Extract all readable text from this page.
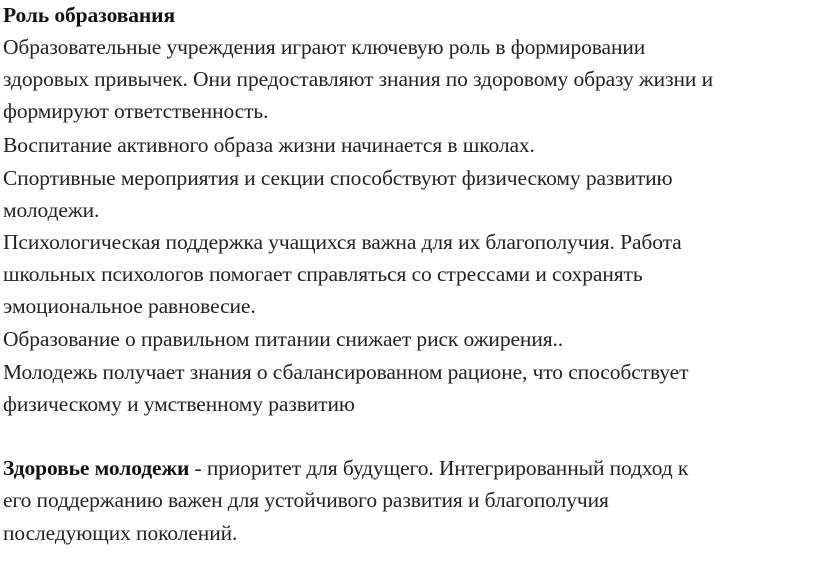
Роль образования
Образовательные учреждения играют ключевую роль в формировании
здоровых привычек. Они предоставляют знания по здоровому образу жизни и
формируют ответственность.
Воспитание активного образа жизни начинается в школах.
Спортивные мероприятия и секции способствуют физическому развитию
молодежи.
Психологическая поддержка учащихся важна для их благополучия. Работа
школьных психологов помогает справляться со стрессами и сохранять
эмоциональное равновесие.
Образование о правильном питании снижает риск ожирения..
Молодежь получает знания о сбалансированном рационе, что способствует
физическому и умственному развитию
Здоровье молодежи - приоритет для будущего. Интегрированный подход к
его поддержанию важен для устойчивого развития и благополучия
последующих поколений.
